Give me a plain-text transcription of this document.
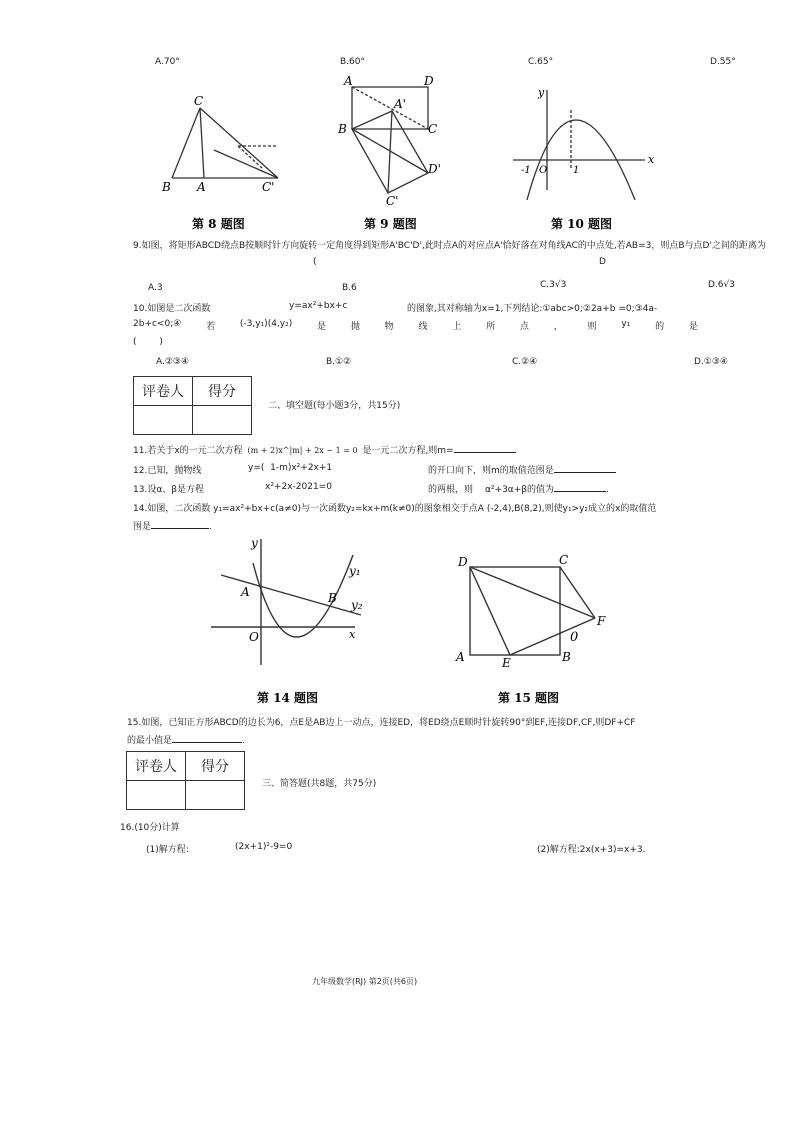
A.70°	B.60°	C.65°	D.55°
C
B A	C'
第 8 题图
A	D
A'
B	C
D'
C'
第 9 题图
y
x
-1 O	1
第 10 题图
9.如图，将矩形ABCD绕点B按顺时针方向旋转一定角度得到矩形A'BC'D',此时点A的对应点A'恰好落在对角线AC的中点处,若AB=3，则点B与点D'之间的距离为
(	D
A.3	B.6	C.3√3	D.6√3
10.如图是二次函数	y=ax²+bx+c	的图象,其对称轴为x=1,下列结论:①abc>0;②2a+b =0;③4a-
2b+c<0;④	若	(-3,y₁)(4,y₂)	是	抛	物	线	上	所	点	，	则	y₁	的	是
(        )
A.②③④	B.①②	C.②④	D.①③④
评卷人	得分

二、填空题(每小题3分，共15分)
11.若关于x的一元二次方程 (m + 2)x^|m| + 2x − 1 = 0 是一元二次方程,则m=
12.已知，抛物线	y=(  1-m)x²+2x+1	的开口向下，则m的取值范围是
13.设α、β是方程	x²+2x-2021=0	的两根，则 α²+3α+β的值为	.
14.如图，二次函数 y₁=ax²+bx+c(a≠0)与一次函数y₂=kx+m(k≠0)的图象相交于点A (-2,4),B(8,2),则使y₁>y₂成立的x的取值范
围是	.
y
x
A	B
O
y₁
y₂
第 14 题图
D	C
A	E	B
F
0
第 15 题图
15.如图，已知正方形ABCD的边长为6，点E是AB边上一动点，连接ED，将ED绕点E顺时针旋转90°到EF,连接DF,CF,则DF+CF
的最小值是	.
评卷人	得分

三、简答题(共8题，共75分)
16.(10分)计算
(1)解方程:	(2x+1)²-9=0	(2)解方程:2x(x+3)=x+3.
九年级数学(RJ) 第2页(共6页)
